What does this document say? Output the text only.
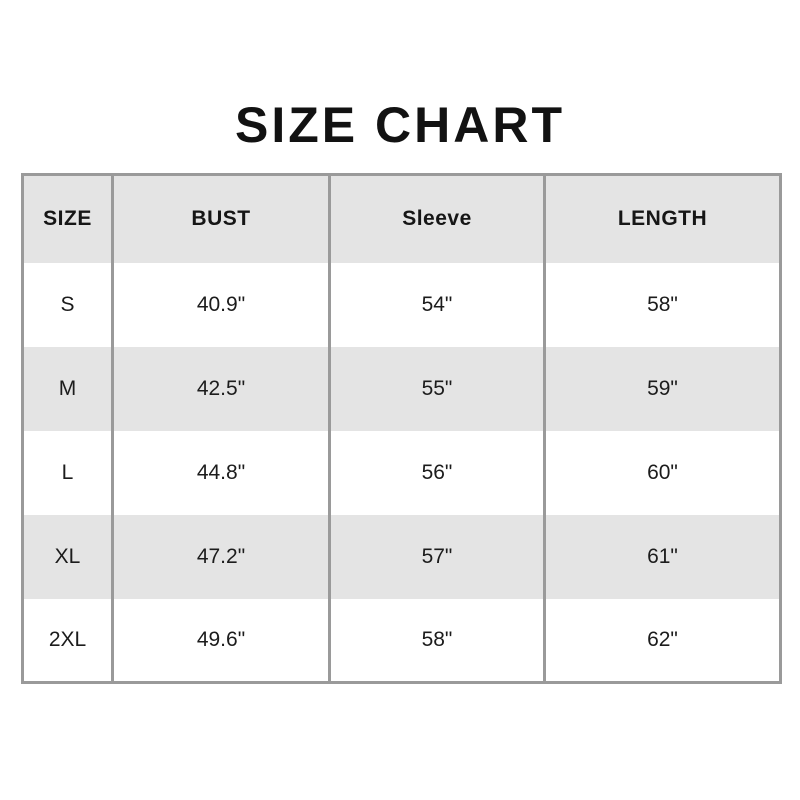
SIZE CHART
SIZE	BUST	Sleeve	LENGTH
S	40.9"	54"	58"
M	42.5"	55"	59"
L	44.8"	56"	60"
XL	47.2"	57"	61"
2XL	49.6"	58"	62"
